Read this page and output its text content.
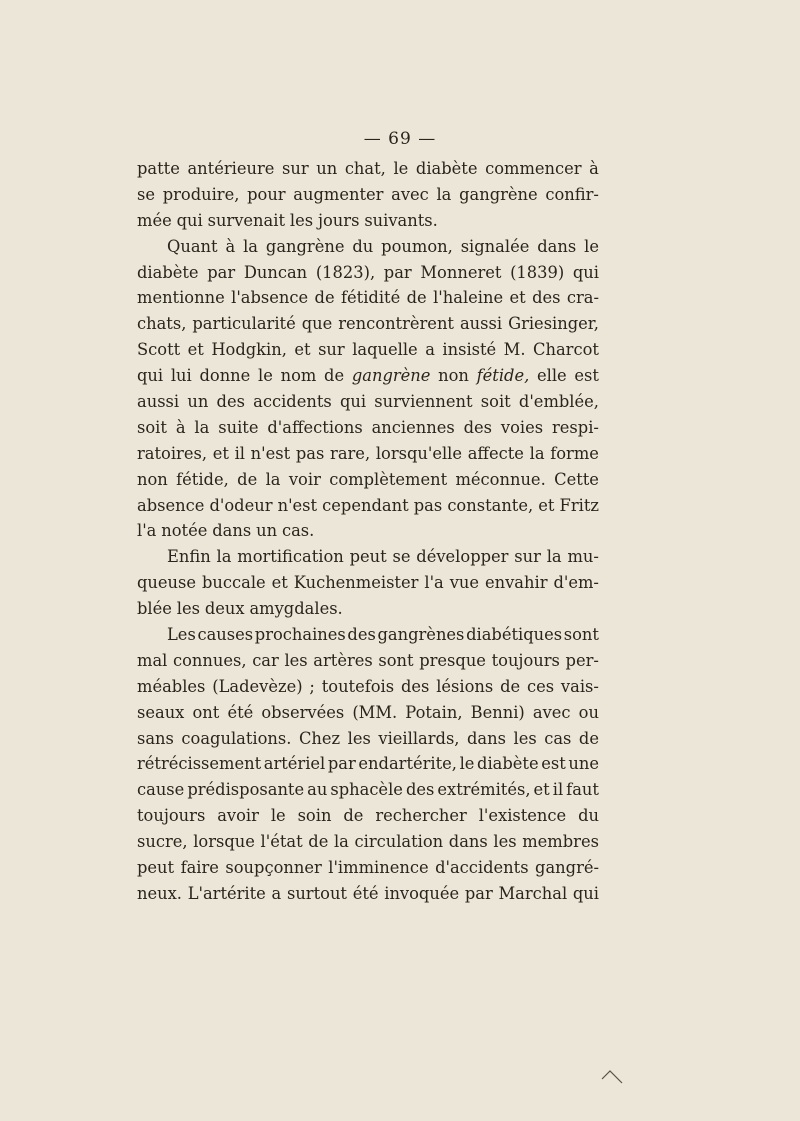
— 69 —
patte antérieure sur un chat, le diabète commencer à
se produire, pour augmenter avec la gangrène confir-
mée qui survenait les jours suivants.
Quant à la gangrène du poumon, signalée dans le
diabète par Duncan (1823), par Monneret (1839) qui
mentionne l'absence de fétidité de l'haleine et des cra-
chats, particularité que rencontrèrent aussi Griesinger,
Scott et Hodgkin, et sur laquelle a insisté M. Charcot
qui lui donne le nom de gangrène non fétide, elle est
aussi un des accidents qui surviennent soit d'emblée,
soit à la suite d'affections anciennes des voies respi-
ratoires, et il n'est pas rare, lorsqu'elle affecte la forme
non fétide, de la voir complètement méconnue. Cette
absence d'odeur n'est cependant pas constante, et Fritz
l'a notée dans un cas.
Enfin la mortification peut se développer sur la mu-
queuse buccale et Kuchenmeister l'a vue envahir d'em-
blée les deux amygdales.
Les causes prochaines des gangrènes diabétiques sont
mal connues, car les artères sont presque toujours per-
méables (Ladevèze) ; toutefois des lésions de ces vais-
seaux ont été observées (MM. Potain, Benni) avec ou
sans coagulations. Chez les vieillards, dans les cas de
rétrécissement artériel par endartérite, le diabète est une
cause prédisposante au sphacèle des extrémités, et il faut
toujours avoir le soin de rechercher l'existence du
sucre, lorsque l'état de la circulation dans les membres
peut faire soupçonner l'imminence d'accidents gangré-
neux. L'artérite a surtout été invoquée par Marchal qui
